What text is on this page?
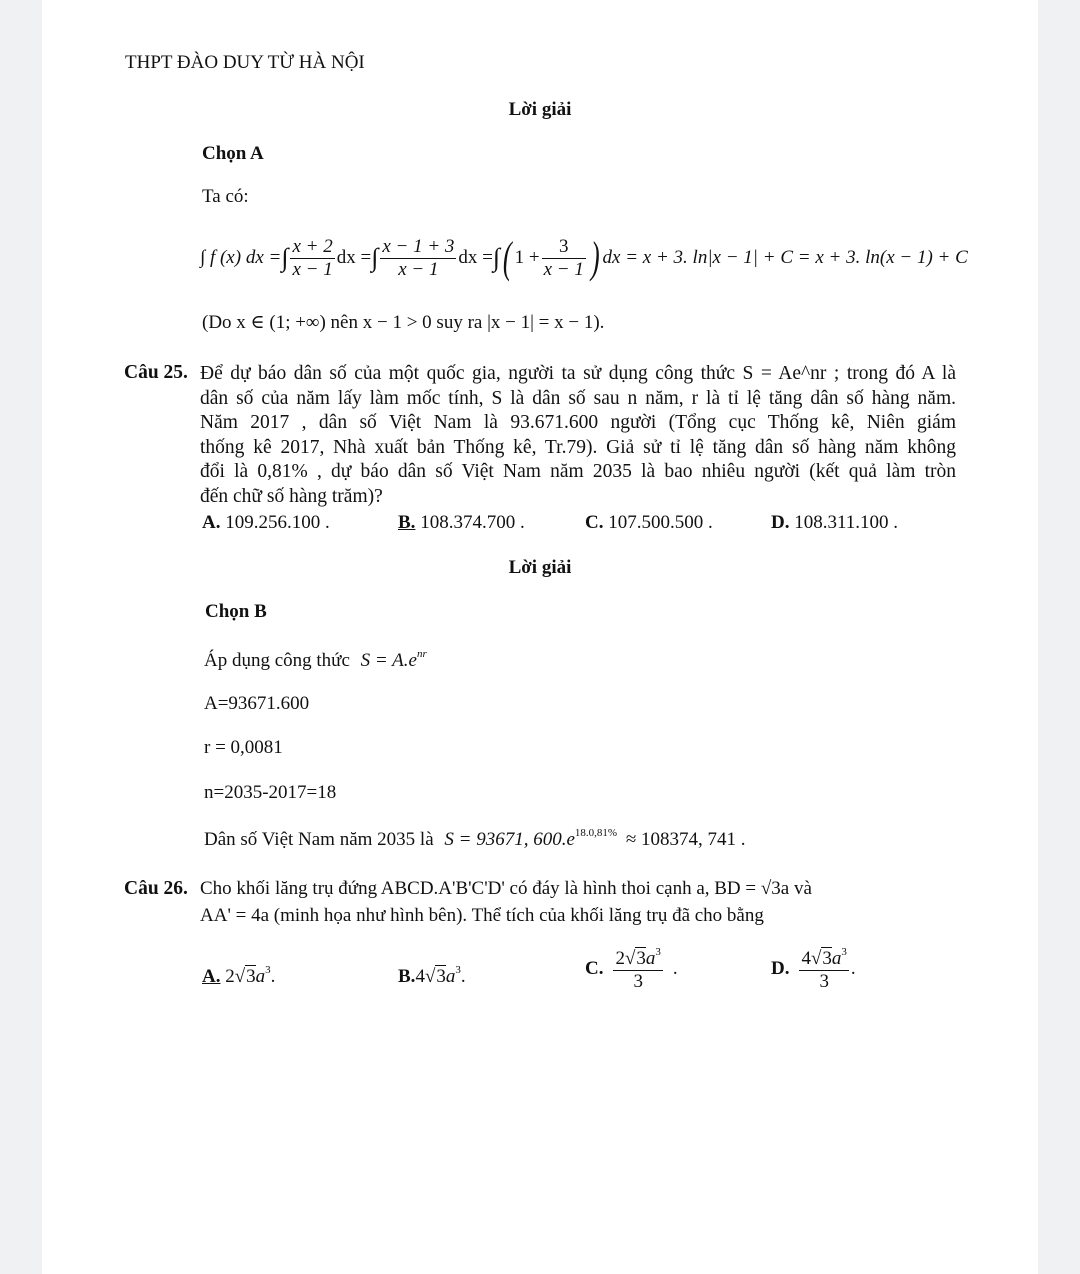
THPT ĐÀO DUY TỪ HÀ NỘI
Lời giải
Chọn A
Ta có:
∫ f (x) dx = ∫ $\frac{x + 2}{x - 1}$ dx = ∫ $\frac{x - 1 + 3}{x - 1}$ dx = ∫ ( $1 + \frac{3}{x - 1}$ ) dx = x + 3. ln|x − 1| + C = x + 3. ln(x − 1) + C
(Do x ∈ (1; +∞) nên x − 1 > 0 suy ra |x − 1| = x − 1).
Câu 25. Để dự báo dân số của một quốc gia, người ta sử dụng công thức S = Ae^nr ; trong đó A là
dân số của năm lấy làm mốc tính, S là dân số sau n năm, r là tỉ lệ tăng dân số hàng năm.
Năm 2017 , dân số Việt Nam là 93.671.600 người (Tổng cục Thống kê, Niên giám
thống kê 2017, Nhà xuất bản Thống kê, Tr.79). Giả sử tỉ lệ tăng dân số hàng năm không
đổi là 0,81% , dự báo dân số Việt Nam năm 2035 là bao nhiêu người (kết quả làm tròn
đến chữ số hàng trăm)?
A. 109.256.100 .	B. 108.374.700 .	C. 107.500.500 .	D. 108.311.100 .
Lời giải
Chọn B
Áp dụng công thức $S = A.e^{nr}$
A=93671.600
r = 0,0081
n=2035-2017=18
Dân số Việt Nam năm 2035 là S = 93671, $600.e^{18.0,81\%} \approx 108374$, 741 .
Câu 26. Cho khối lăng trụ đứng ABCD.A'B'C'D' có đáy là hình thoi cạnh a, BD = √3a và
AA' = 4a (minh họa như hình bên). Thể tích của khối lăng trụ đã cho bằng
A. $2√3a^3$.	$B.4√3a^3$.	C. $\frac{2√3a^3}{3}$ .	D. $\frac{4√3a^3}{3}$ .
